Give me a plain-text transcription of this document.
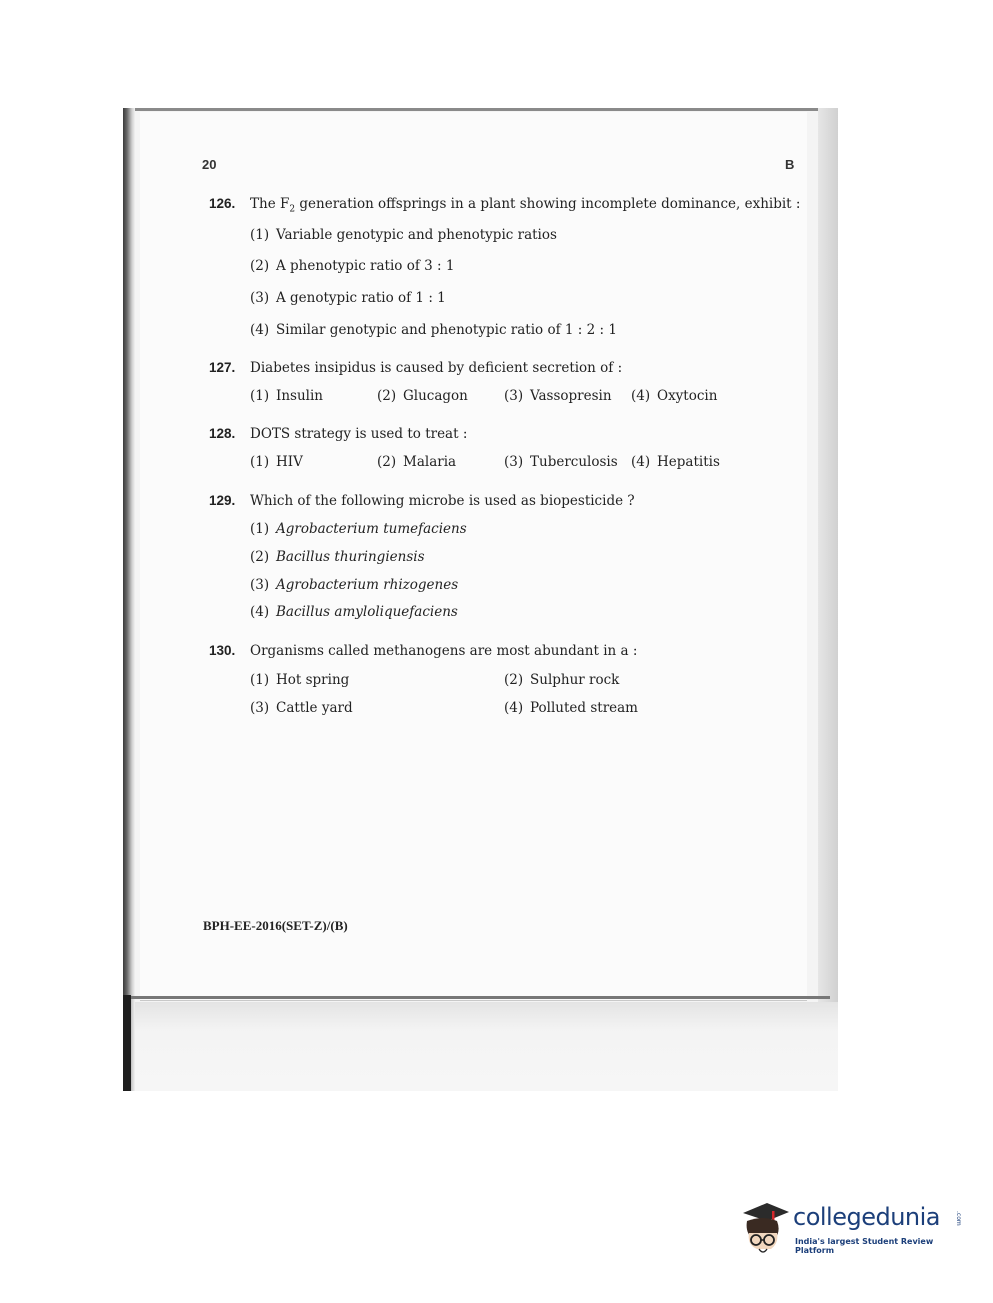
20	B
126. The $F_2$ generation offsprings in a plant showing incomplete dominance, exhibit :
(1) Variable genotypic and phenotypic ratios
(2) A phenotypic ratio of 3 : 1
(3) A genotypic ratio of 1 : 1
(4) Similar genotypic and phenotypic ratio of 1 : 2 : 1
127. Diabetes insipidus is caused by deficient secretion of :
(1) Insulin	(2) Glucagon	(3) Vassopresin (4) Oxytocin
128. DOTS strategy is used to treat :
(1) HIV	(2) Malaria	(3) Tuberculosis (4) Hepatitis
129. Which of the following microbe is used as biopesticide ?
(1) Agrobacterium tumefaciens
(2) Bacillus thuringiensis
(3) Agrobacterium rhizogenes
(4) Bacillus amyloliquefaciens
130. Organisms called methanogens are most abundant in a :
(1) Hot spring	(2) Sulphur rock
(3) Cattle yard	(4) Polluted stream
BPH-EE-2016(SET-Z)/(B)
collegedunia .com
India's largest Student Review Platform
